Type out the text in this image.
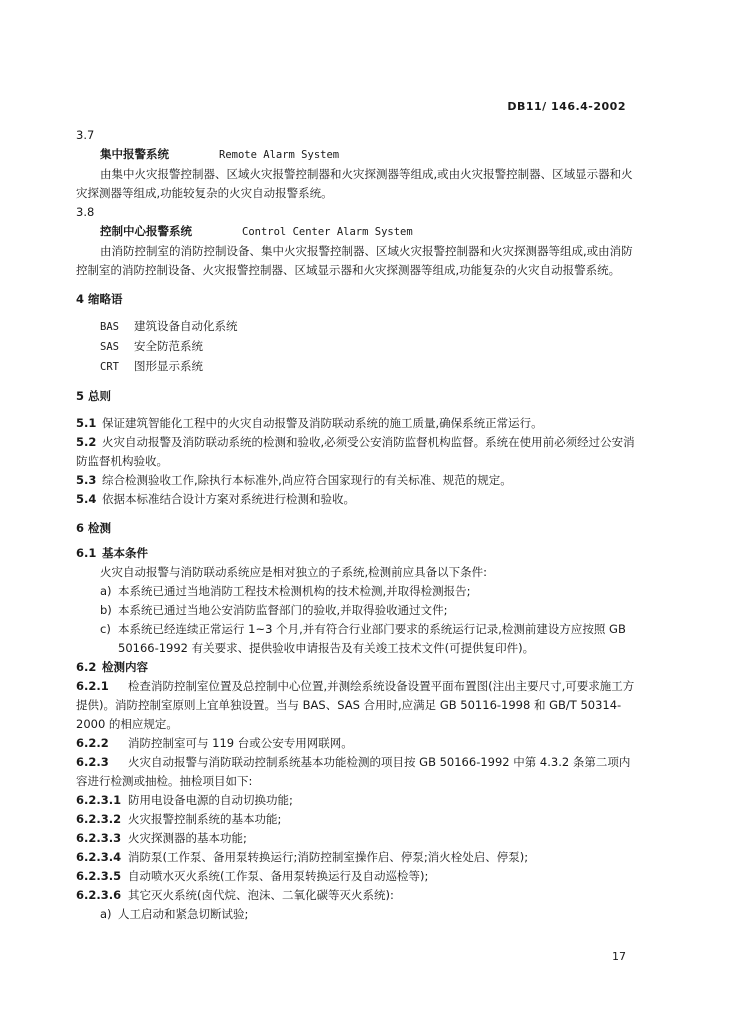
DB11/ 146.4-2002
3.7
集中报警系统	Remote Alarm System
由集中火灾报警控制器、区域火灾报警控制器和火灾探测器等组成,或由火灾报警控制器、区域显示器和火灾探测器等组成,功能较复杂的火灾自动报警系统。
3.8
控制中心报警系统	Control Center Alarm System
由消防控制室的消防控制设备、集中火灾报警控制器、区域火灾报警控制器和火灾探测器等组成,或由消防控制室的消防控制设备、火灾报警控制器、区域显示器和火灾探测器等组成,功能复杂的火灾自动报警系统。
4 缩略语
BAS 建筑设备自动化系统
SAS 安全防范系统
CRT 图形显示系统
5 总则
5.1 保证建筑智能化工程中的火灾自动报警及消防联动系统的施工质量,确保系统正常运行。
5.2 火灾自动报警及消防联动系统的检测和验收,必须受公安消防监督机构监督。系统在使用前必须经过公安消防监督机构验收。
5.3 综合检测验收工作,除执行本标准外,尚应符合国家现行的有关标准、规范的规定。
5.4 依据本标准结合设计方案对系统进行检测和验收。
6 检测
6.1 基本条件
火灾自动报警与消防联动系统应是相对独立的子系统,检测前应具备以下条件:
a) 本系统已通过当地消防工程技术检测机构的技术检测,并取得检测报告;
b) 本系统已通过当地公安消防监督部门的验收,并取得验收通过文件;
c) 本系统已经连续正常运行 1~3 个月,并有符合行业部门要求的系统运行记录,检测前建设方应按照 GB 50166-1992 有关要求、提供验收申请报告及有关竣工技术文件(可提供复印件)。
6.2 检测内容
6.2.1 检查消防控制室位置及总控制中心位置,并测绘系统设备设置平面布置图(注出主要尺寸,可要求施工方提供)。消防控制室原则上宜单独设置。当与 BAS、SAS 合用时,应满足 GB 50116-1998 和 GB/T 50314-2000 的相应规定。
6.2.2 消防控制室可与 119 台或公安专用网联网。
6.2.3 火灾自动报警与消防联动控制系统基本功能检测的项目按 GB 50166-1992 中第 4.3.2 条第二项内容进行检测或抽检。抽检项目如下:
6.2.3.1 防用电设备电源的自动切换功能;
6.2.3.2 火灾报警控制系统的基本功能;
6.2.3.3 火灾探测器的基本功能;
6.2.3.4 消防泵(工作泵、备用泵转换运行;消防控制室操作启、停泵;消火栓处启、停泵);
6.2.3.5 自动喷水灭火系统(工作泵、备用泵转换运行及自动巡检等);
6.2.3.6 其它灭火系统(卤代烷、泡沫、二氧化碳等灭火系统):
a) 人工启动和紧急切断试验;
17
